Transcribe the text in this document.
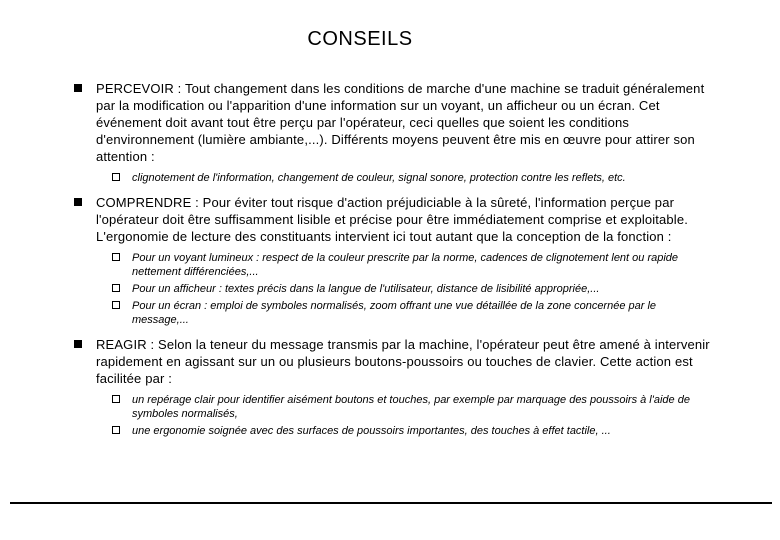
CONSEILS
PERCEVOIR : Tout changement dans les conditions de marche d'une machine se traduit généralement par la modification ou l'apparition d'une information sur un voyant, un afficheur ou un écran. Cet événement doit avant tout être perçu par l'opérateur, ceci quelles que soient les conditions d'environnement (lumière ambiante,...). Différents moyens peuvent être mis en œuvre pour attirer son attention :
clignotement de l'information, changement de couleur, signal sonore, protection contre les reflets, etc.
COMPRENDRE : Pour éviter tout risque d'action préjudiciable à la sûreté, l'information perçue par l'opérateur doit être suffisamment lisible et précise pour être immédiatement comprise et exploitable. L'ergonomie de lecture des constituants intervient ici tout autant que la conception de la fonction :
Pour un voyant lumineux : respect de la couleur prescrite par la norme, cadences de clignotement lent ou rapide nettement différenciées,...
Pour un afficheur : textes précis dans la langue de l'utilisateur, distance de lisibilité appropriée,...
Pour un écran : emploi de symboles normalisés, zoom offrant une vue détaillée de la zone concernée par le message,...
REAGIR : Selon la teneur du message transmis par la machine, l'opérateur peut être amené à intervenir rapidement en agissant sur un ou plusieurs boutons-poussoirs ou touches de clavier. Cette action est facilitée par :
un repérage clair pour identifier aisément boutons et touches, par exemple par marquage des poussoirs à l'aide de symboles normalisés,
une ergonomie soignée avec des surfaces de poussoirs importantes, des touches à effet tactile, ...
